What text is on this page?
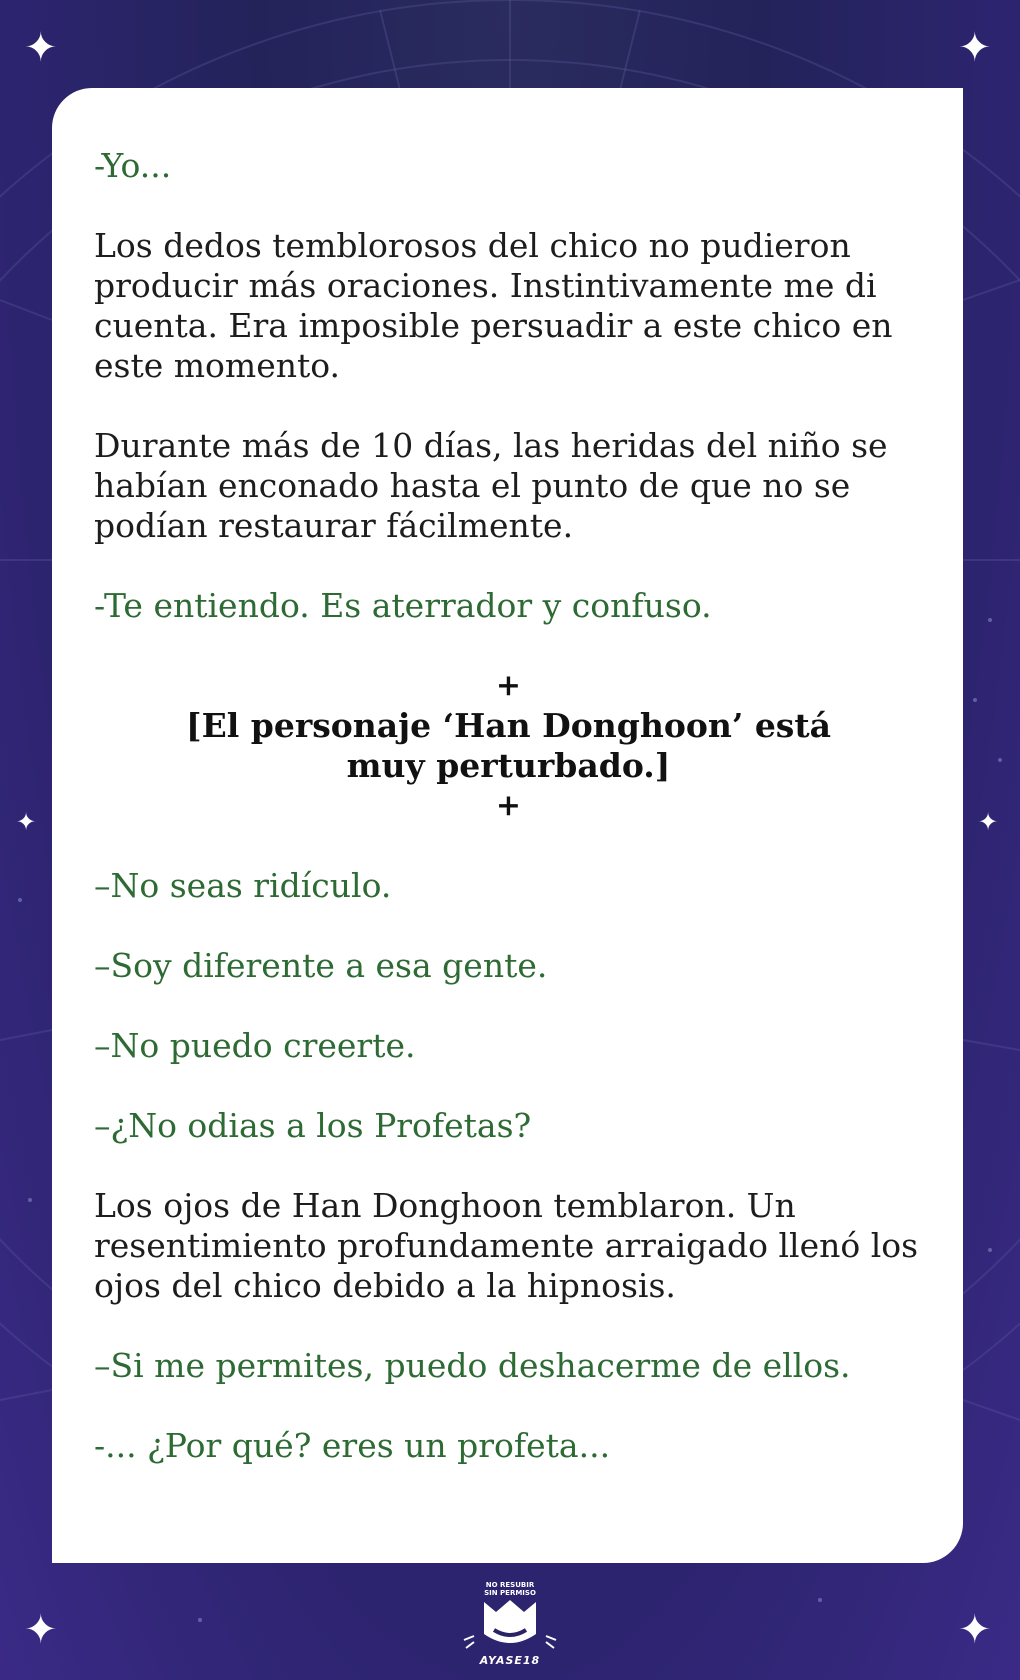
✦	✦
✦	✦
✦	✦

-Yo...

Los dedos temblorosos del chico no pudieron producir más oraciones. Instintivamente me di cuenta. Era imposible persuadir a este chico en este momento.

Durante más de 10 días, las heridas del niño se habían enconado hasta el punto de que no se podían restaurar fácilmente.

-Te entiendo. Es aterrador y confuso.

+
[El personaje ‘Han Donghoon’ está
muy perturbado.]
+

–No seas ridículo.

–Soy diferente a esa gente.

–No puedo creerte.

–¿No odias a los Profetas?

Los ojos de Han Donghoon temblaron. Un resentimiento profundamente arraigado llenó los ojos del chico debido a la hipnosis.

–Si me permites, puedo deshacerme de ellos.

-... ¿Por qué? eres un profeta...

NO RESUBIR
SIN PERMISO
AYASE18
